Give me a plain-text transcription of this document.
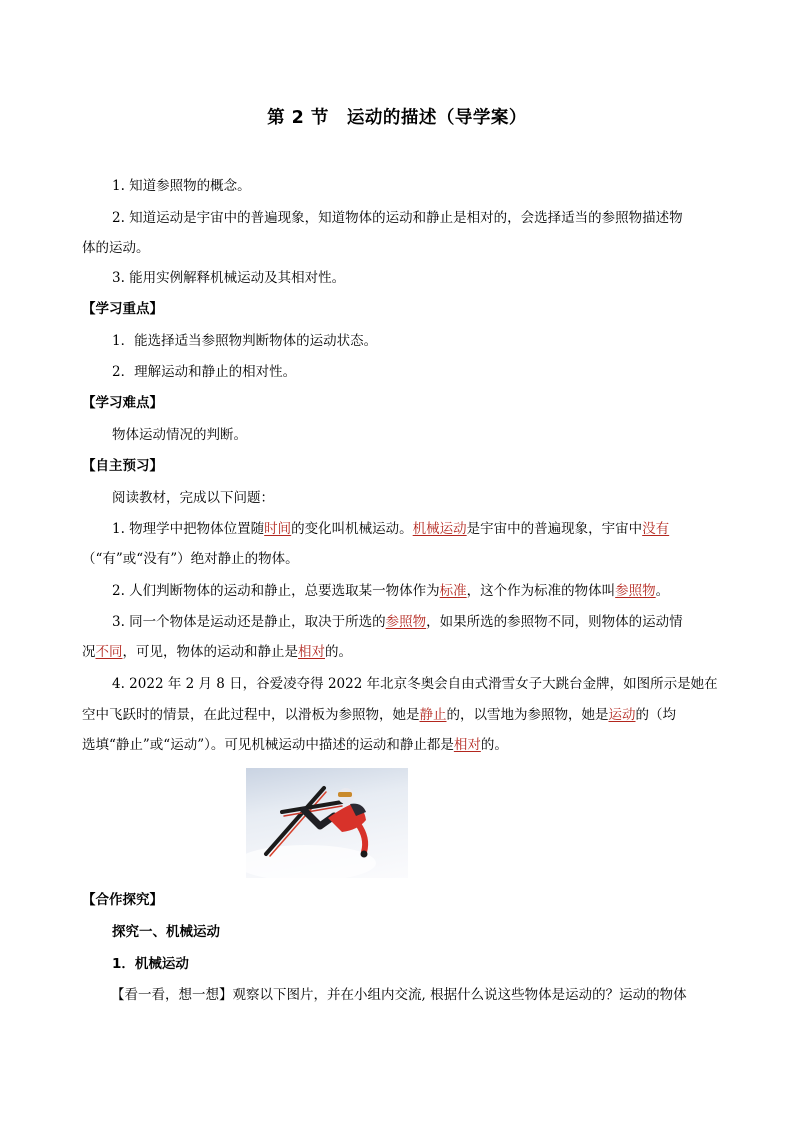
第 2 节　运动的描述（导学案）
1. 知道参照物的概念。
2. 知道运动是宇宙中的普遍现象，知道物体的运动和静止是相对的，会选择适当的参照物描述物
体的运动。
3. 能用实例解释机械运动及其相对性。
【学习重点】
1．能选择适当参照物判断物体的运动状态。
2．理解运动和静止的相对性。
【学习难点】
物体运动情况的判断。
【自主预习】
阅读教材，完成以下问题：
1. 物理学中把物体位置随时间的变化叫机械运动。机械运动是宇宙中的普遍现象，宇宙中没有
（“有”或“没有”）绝对静止的物体。
2. 人们判断物体的运动和静止，总要选取某一物体作为标准，这个作为标准的物体叫参照物。
3. 同一个物体是运动还是静止，取决于所选的参照物，如果所选的参照物不同，则物体的运动情
况不同，可见，物体的运动和静止是相对的。
4. 2022 年 2 月 8 日，谷爱凌夺得 2022 年北京冬奥会自由式滑雪女子大跳台金牌，如图所示是她在
空中飞跃时的情景，在此过程中，以滑板为参照物，她是静止的，以雪地为参照物，她是运动的（均
选填“静止”或“运动”）。可见机械运动中描述的运动和静止都是相对的。
【合作探究】
探究一、机械运动
1．机械运动
【看一看，想一想】观察以下图片，并在小组内交流, 根据什么说这些物体是运动的？运动的物体
